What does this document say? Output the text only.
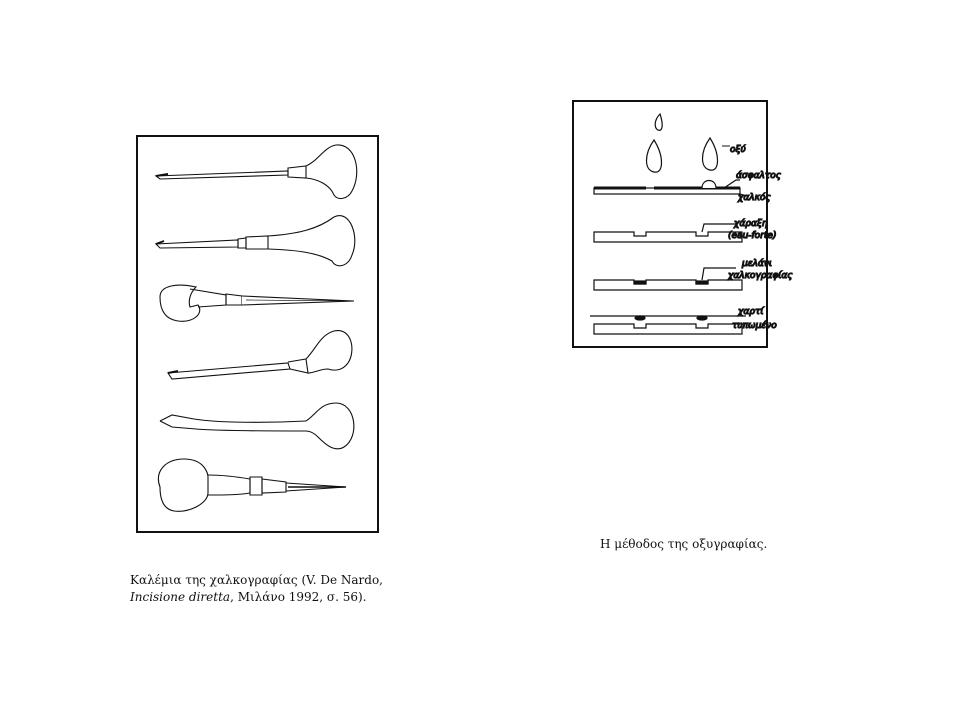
Καλέμια της χαλκογραφίας (V. De Nardo, Incisione diretta, Μιλάνο 1992, σ. 56).

οξύ
άσφαλτος
χαλκός
χάραξη
(eau-forte)
μελάνι
χαλκογραφίας
χαρτί
τυπωμένο

Η μέθοδος της οξυγραφίας.
